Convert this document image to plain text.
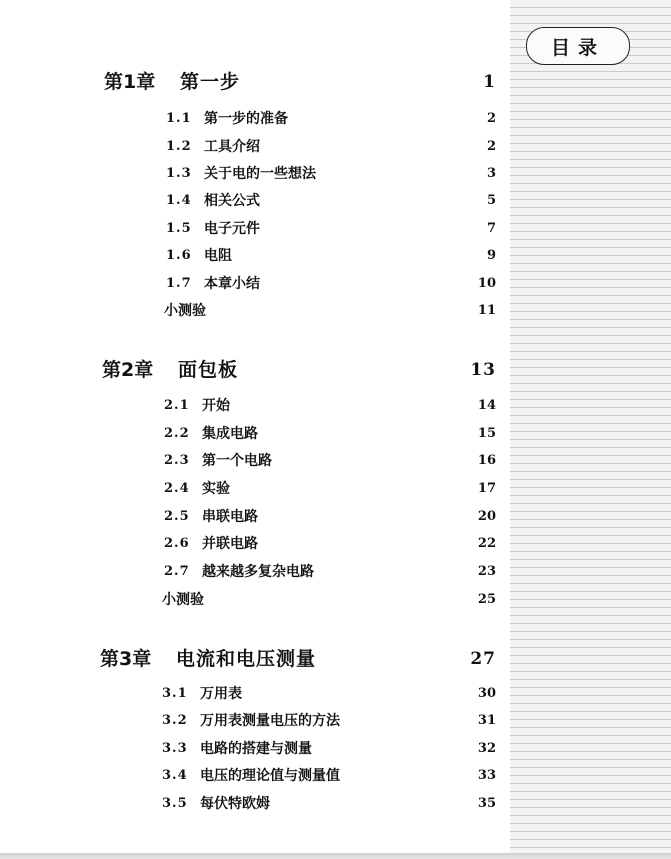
目录
第1章 第一步	1
1.1 第一步的准备	2
1.2 工具介绍	2
1.3 关于电的一些想法	3
1.4 相关公式	5
1.5 电子元件	7
1.6 电阻	9
1.7 本章小结	10
小测验	11
第2章 面包板	13
2.1 开始	14
2.2 集成电路	15
2.3 第一个电路	16
2.4 实验	17
2.5 串联电路	20
2.6 并联电路	22
2.7 越来越多复杂电路	23
小测验	25
第3章 电流和电压测量	27
3.1 万用表	30
3.2 万用表测量电压的方法	31
3.3 电路的搭建与测量	32
3.4 电压的理论值与测量值	33
3.5 每伏特欧姆	35
